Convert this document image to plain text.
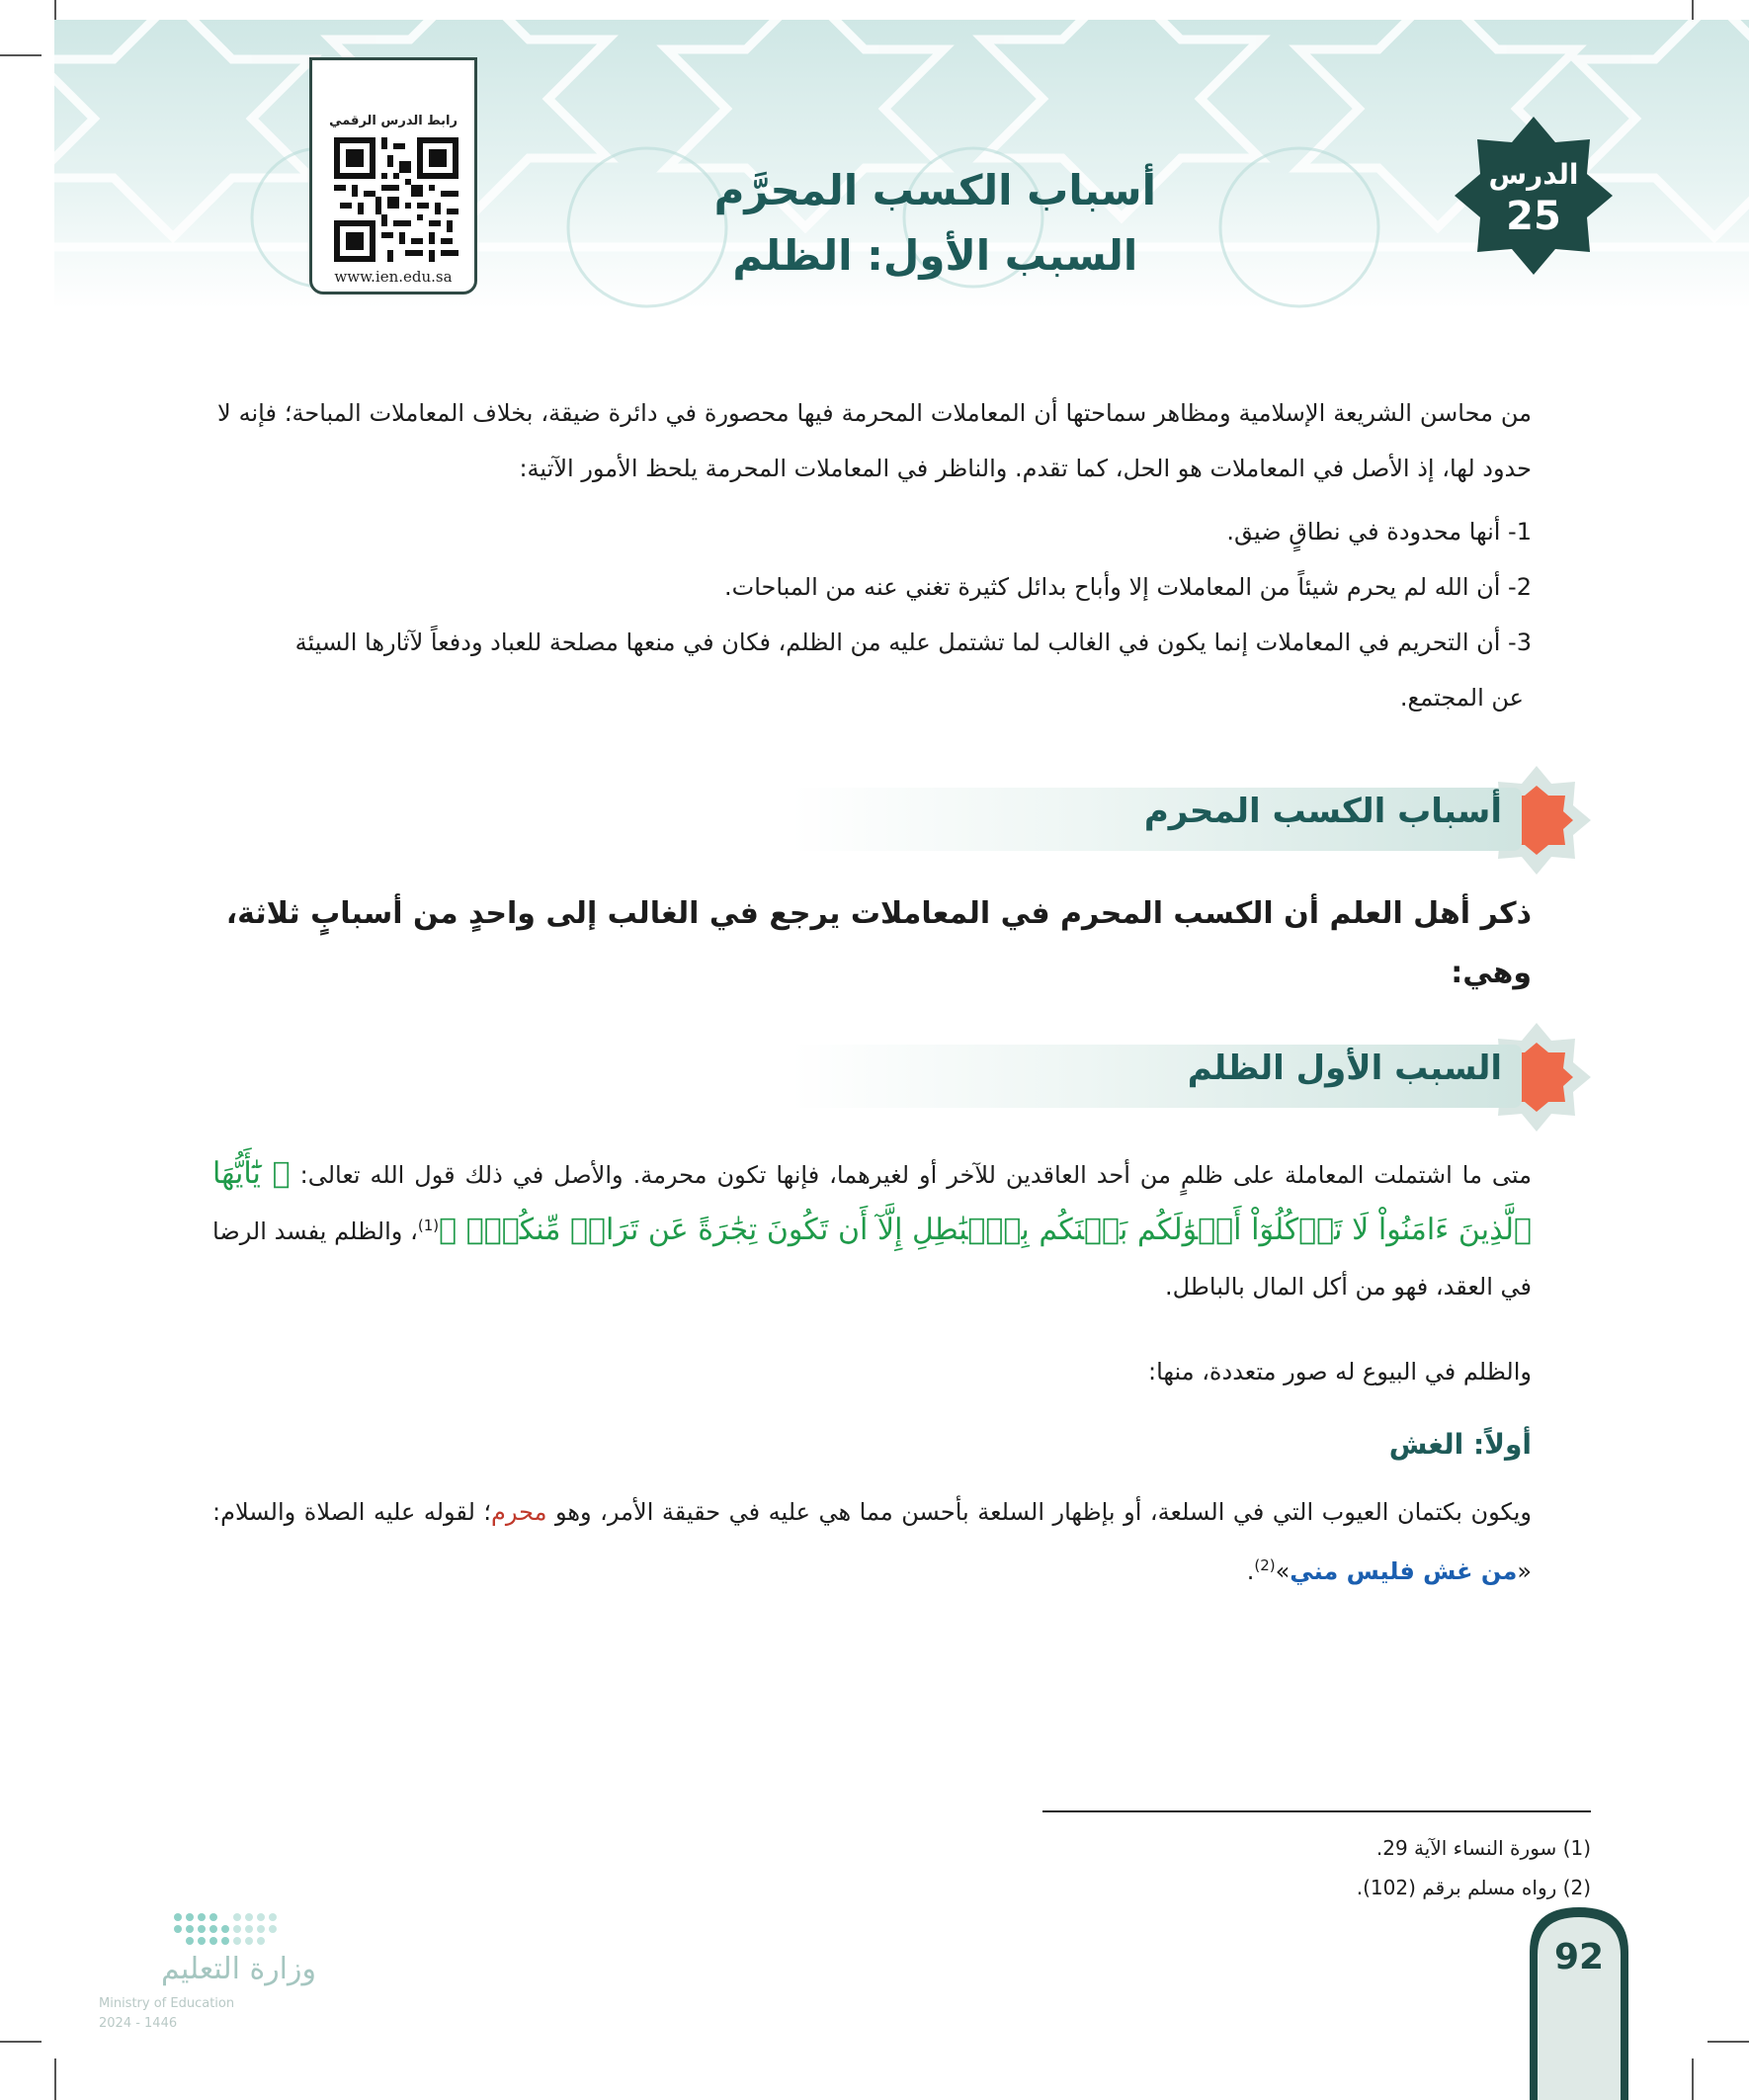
رابط الدرس الرقمي
www.ien.edu.sa
أسباب الكسب المحرَّم
السبب الأول: الظلم
الدرس
25
من محاسن الشريعة الإسلامية ومظاهر سماحتها أن المعاملات المحرمة فيها محصورة في دائرة ضيقة، بخلاف المعاملات المباحة؛ فإنه لا حدود لها، إذ الأصل في المعاملات هو الحل، كما تقدم. والناظر في المعاملات المحرمة يلحظ الأمور الآتية:
1- أنها محدودة في نطاقٍ ضيق.
2- أن الله لم يحرم شيئاً من المعاملات إلا وأباح بدائل كثيرة تغني عنه من المباحات.
3- أن التحريم في المعاملات إنما يكون في الغالب لما تشتمل عليه من الظلم، فكان في منعها مصلحة للعباد ودفعاً لآثارها السيئة
عن المجتمع.
أسباب الكسب المحرم
ذكر أهل العلم أن الكسب المحرم في المعاملات يرجع في الغالب إلى واحدٍ من أسبابٍ ثلاثة، وهي:
السبب الأول الظلم
متى ما اشتملت المعاملة على ظلمٍ من أحد العاقدين للآخر أو لغيرهما، فإنها تكون محرمة. والأصل في ذلك قول الله تعالى: ﴿ يَٰٓأَيُّهَا ٱلَّذِينَ ءَامَنُواْ لَا تَأۡكُلُوٓاْ أَمۡوَٰلَكُم بَيۡنَكُم بِٱلۡبَٰطِلِ إِلَّآ أَن تَكُونَ تِجَٰرَةً عَن تَرَاضٖ مِّنكُمۡۚ ﴾$^{(1)}$، والظلم يفسد الرضا في العقد، فهو من أكل المال بالباطل.
والظلم في البيوع له صور متعددة، منها:
أولاً: الغش
ويكون بكتمان العيوب التي في السلعة، أو بإظهار السلعة بأحسن مما هي عليه في حقيقة الأمر، وهو محرم؛ لقوله عليه الصلاة والسلام: «من غش فليس مني»$^{(2)}$.
(1) سورة النساء الآية 29.
(2) رواه مسلم برقم (102).
وزارة التعليم
Ministry of Education
2024 - 1446
92
